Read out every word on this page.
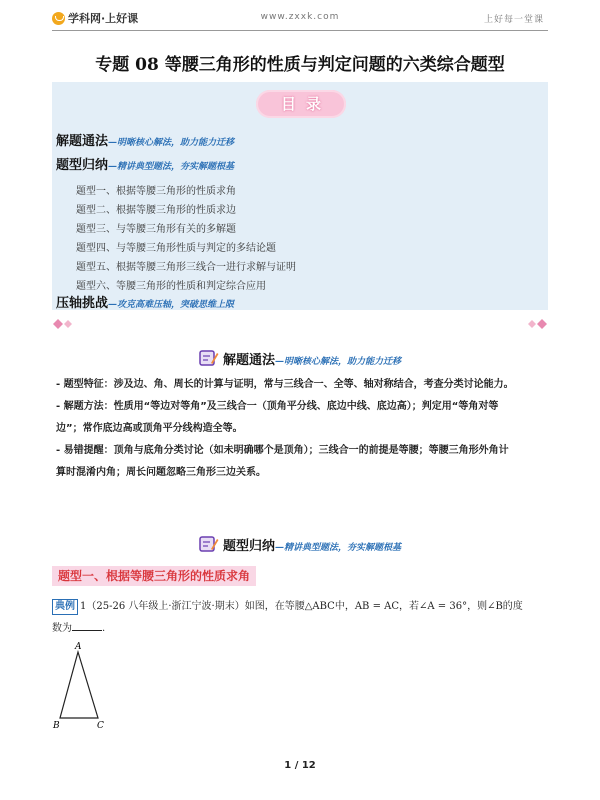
学科网·上好课	www.zxxk.com	上好每一堂课
专题 08 等腰三角形的性质与判定问题的六类综合题型
目录
解题通法 —明晰核心解法，助力能力迁移
题型归纳 —精讲典型题法，夯实解题根基
题型一、根据等腰三角形的性质求角
题型二、根据等腰三角形的性质求边
题型三、与等腰三角形有关的多解题
题型四、与等腰三角形性质与判定的多结论题
题型五、根据等腰三角形三线合一进行求解与证明
题型六、等腰三角形的性质和判定综合应用
压轴挑战 —攻克高难压轴，突破思维上限
解题通法 —明晰核心解法，助力能力迁移
- 题型特征：涉及边、角、周长的计算与证明，常与三线合一、全等、轴对称结合，考查分类讨论能力。
- 解题方法：性质用“等边对等角”及三线合一（顶角平分线、底边中线、底边高）；判定用“等角对等
边”；常作底边高或顶角平分线构造全等。
- 易错提醒：顶角与底角分类讨论（如未明确哪个是顶角）；三线合一的前提是等腰；等腰三角形外角计
算时混淆内角；周长问题忽略三角形三边关系。
题型归纳 —精讲典型题法，夯实解题根基
题型一、根据等腰三角形的性质求角
典例 1（25-26 八年级上·浙江宁波·期末）如图，在等腰△ABC中，AB = AC，若∠A = 36°，则∠B的度
数为	.
A
B	C
1 / 12
